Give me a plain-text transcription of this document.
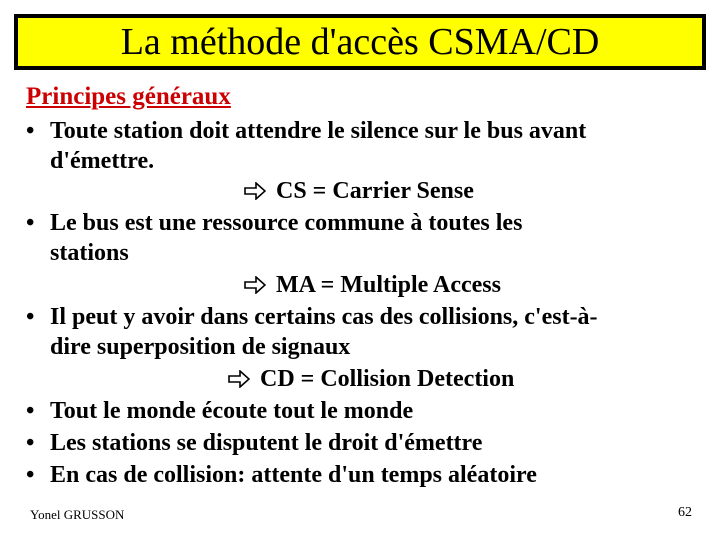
La méthode d'accès CSMA/CD
Principes généraux
• Toute station doit attendre le silence sur le bus avant
d'émettre.
CS = Carrier Sense
• Le bus est une ressource commune à toutes les
stations
MA = Multiple Access
• Il peut y avoir dans certains cas des collisions, c'est-à-
dire superposition de signaux
CD = Collision Detection
• Tout le monde écoute tout le monde
• Les stations se disputent le droit d'émettre
• En cas de collision: attente d'un temps aléatoire
Yonel GRUSSON	62
